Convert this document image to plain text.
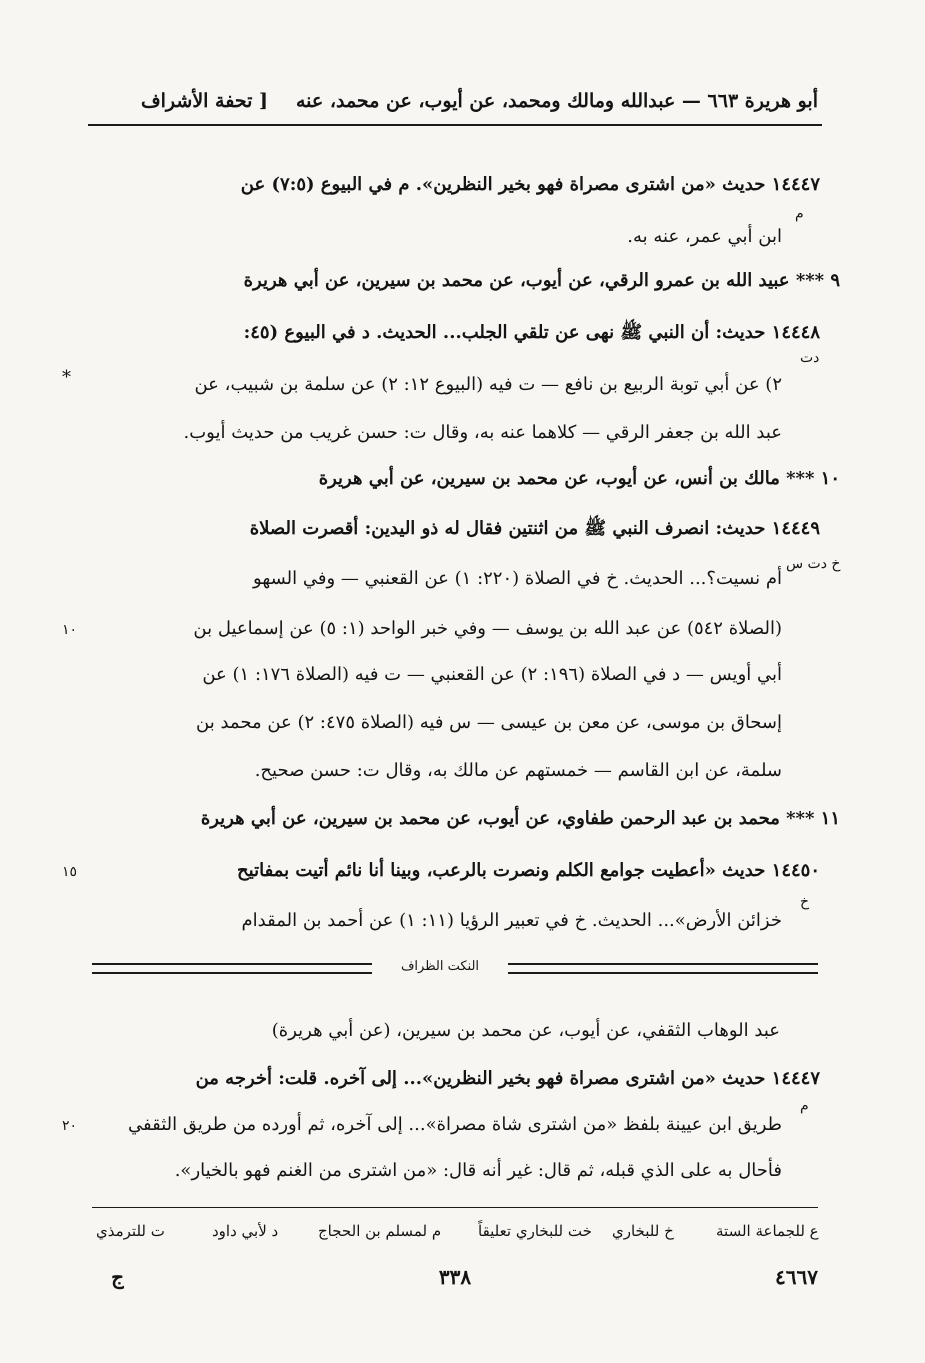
أبو هريرة ٦٦٣ — عبدالله ومالك ومحمد، عن أيوب، عن محمد، عنه
[ تحفة الأشراف
١٤٤٤٧ حديث «من اشترى مصراة فهو بخير النظرين». م في البيوع (٧:٥) عن
ابن أبي عمر، عنه به.
٩ *** عبيد الله بن عمرو الرقي، عن أيوب، عن محمد بن سيرين، عن أبي هريرة
١٤٤٤٨ حديث: أن النبي ﷺ نهى عن تلقي الجلب... الحديث. د في البيوع (٤٥:
٢) عن أبي توبة الربيع بن نافع — ت فيه (البيوع ١٢: ٢) عن سلمة بن شبيب، عن
عبد الله بن جعفر الرقي — كلاهما عنه به، وقال ت: حسن غريب من حديث أيوب.
١٠ *** مالك بن أنس، عن أيوب، عن محمد بن سيرين، عن أبي هريرة
١٤٤٤٩ حديث: انصرف النبي ﷺ من اثنتين فقال له ذو اليدين: أقصرت الصلاة
أم نسيت؟... الحديث. خ في الصلاة (٢٢٠: ١) عن القعنبي — وفي السهو
(الصلاة ٥٤٢) عن عبد الله بن يوسف — وفي خبر الواحد (١: ٥) عن إسماعيل بن
أبي أويس — د في الصلاة (١٩٦: ٢) عن القعنبي — ت فيه (الصلاة ١٧٦: ١) عن
إسحاق بن موسى، عن معن بن عيسى — س فيه (الصلاة ٤٧٥: ٢) عن محمد بن
سلمة، عن ابن القاسم — خمستهم عن مالك به، وقال ت: حسن صحيح.
١١ *** محمد بن عبد الرحمن طفاوي، عن أيوب، عن محمد بن سيرين، عن أبي هريرة
١٤٤٥٠ حديث «أعطيت جوامع الكلم ونصرت بالرعب، وبينا أنا نائم أتيت بمفاتيح
خزائن الأرض»... الحديث. خ في تعبير الرؤيا (١١: ١) عن أحمد بن المقدام
النكت الظراف
عبد الوهاب الثقفي، عن أيوب، عن محمد بن سيرين، (عن أبي هريرة)
١٤٤٤٧ حديث «من اشترى مصراة فهو بخير النظرين»... إلى آخره. قلت: أخرجه من
طريق ابن عيينة بلفظ «من اشترى شاة مصراة»... إلى آخره، ثم أورده من طريق الثقفي
فأحال به على الذي قبله، ثم قال: غير أنه قال: «من اشترى من الغنم فهو بالخيار».
م
دت
*
خ دت س
خ
م
١٠
١٥
٢٠
ع للجماعة الستة
خ للبخاري
خت للبخاري تعليقاً
م لمسلم بن الحجاج
د لأبي داود
ت للترمذي
٤٦٦٧
٣٣٨
ج
